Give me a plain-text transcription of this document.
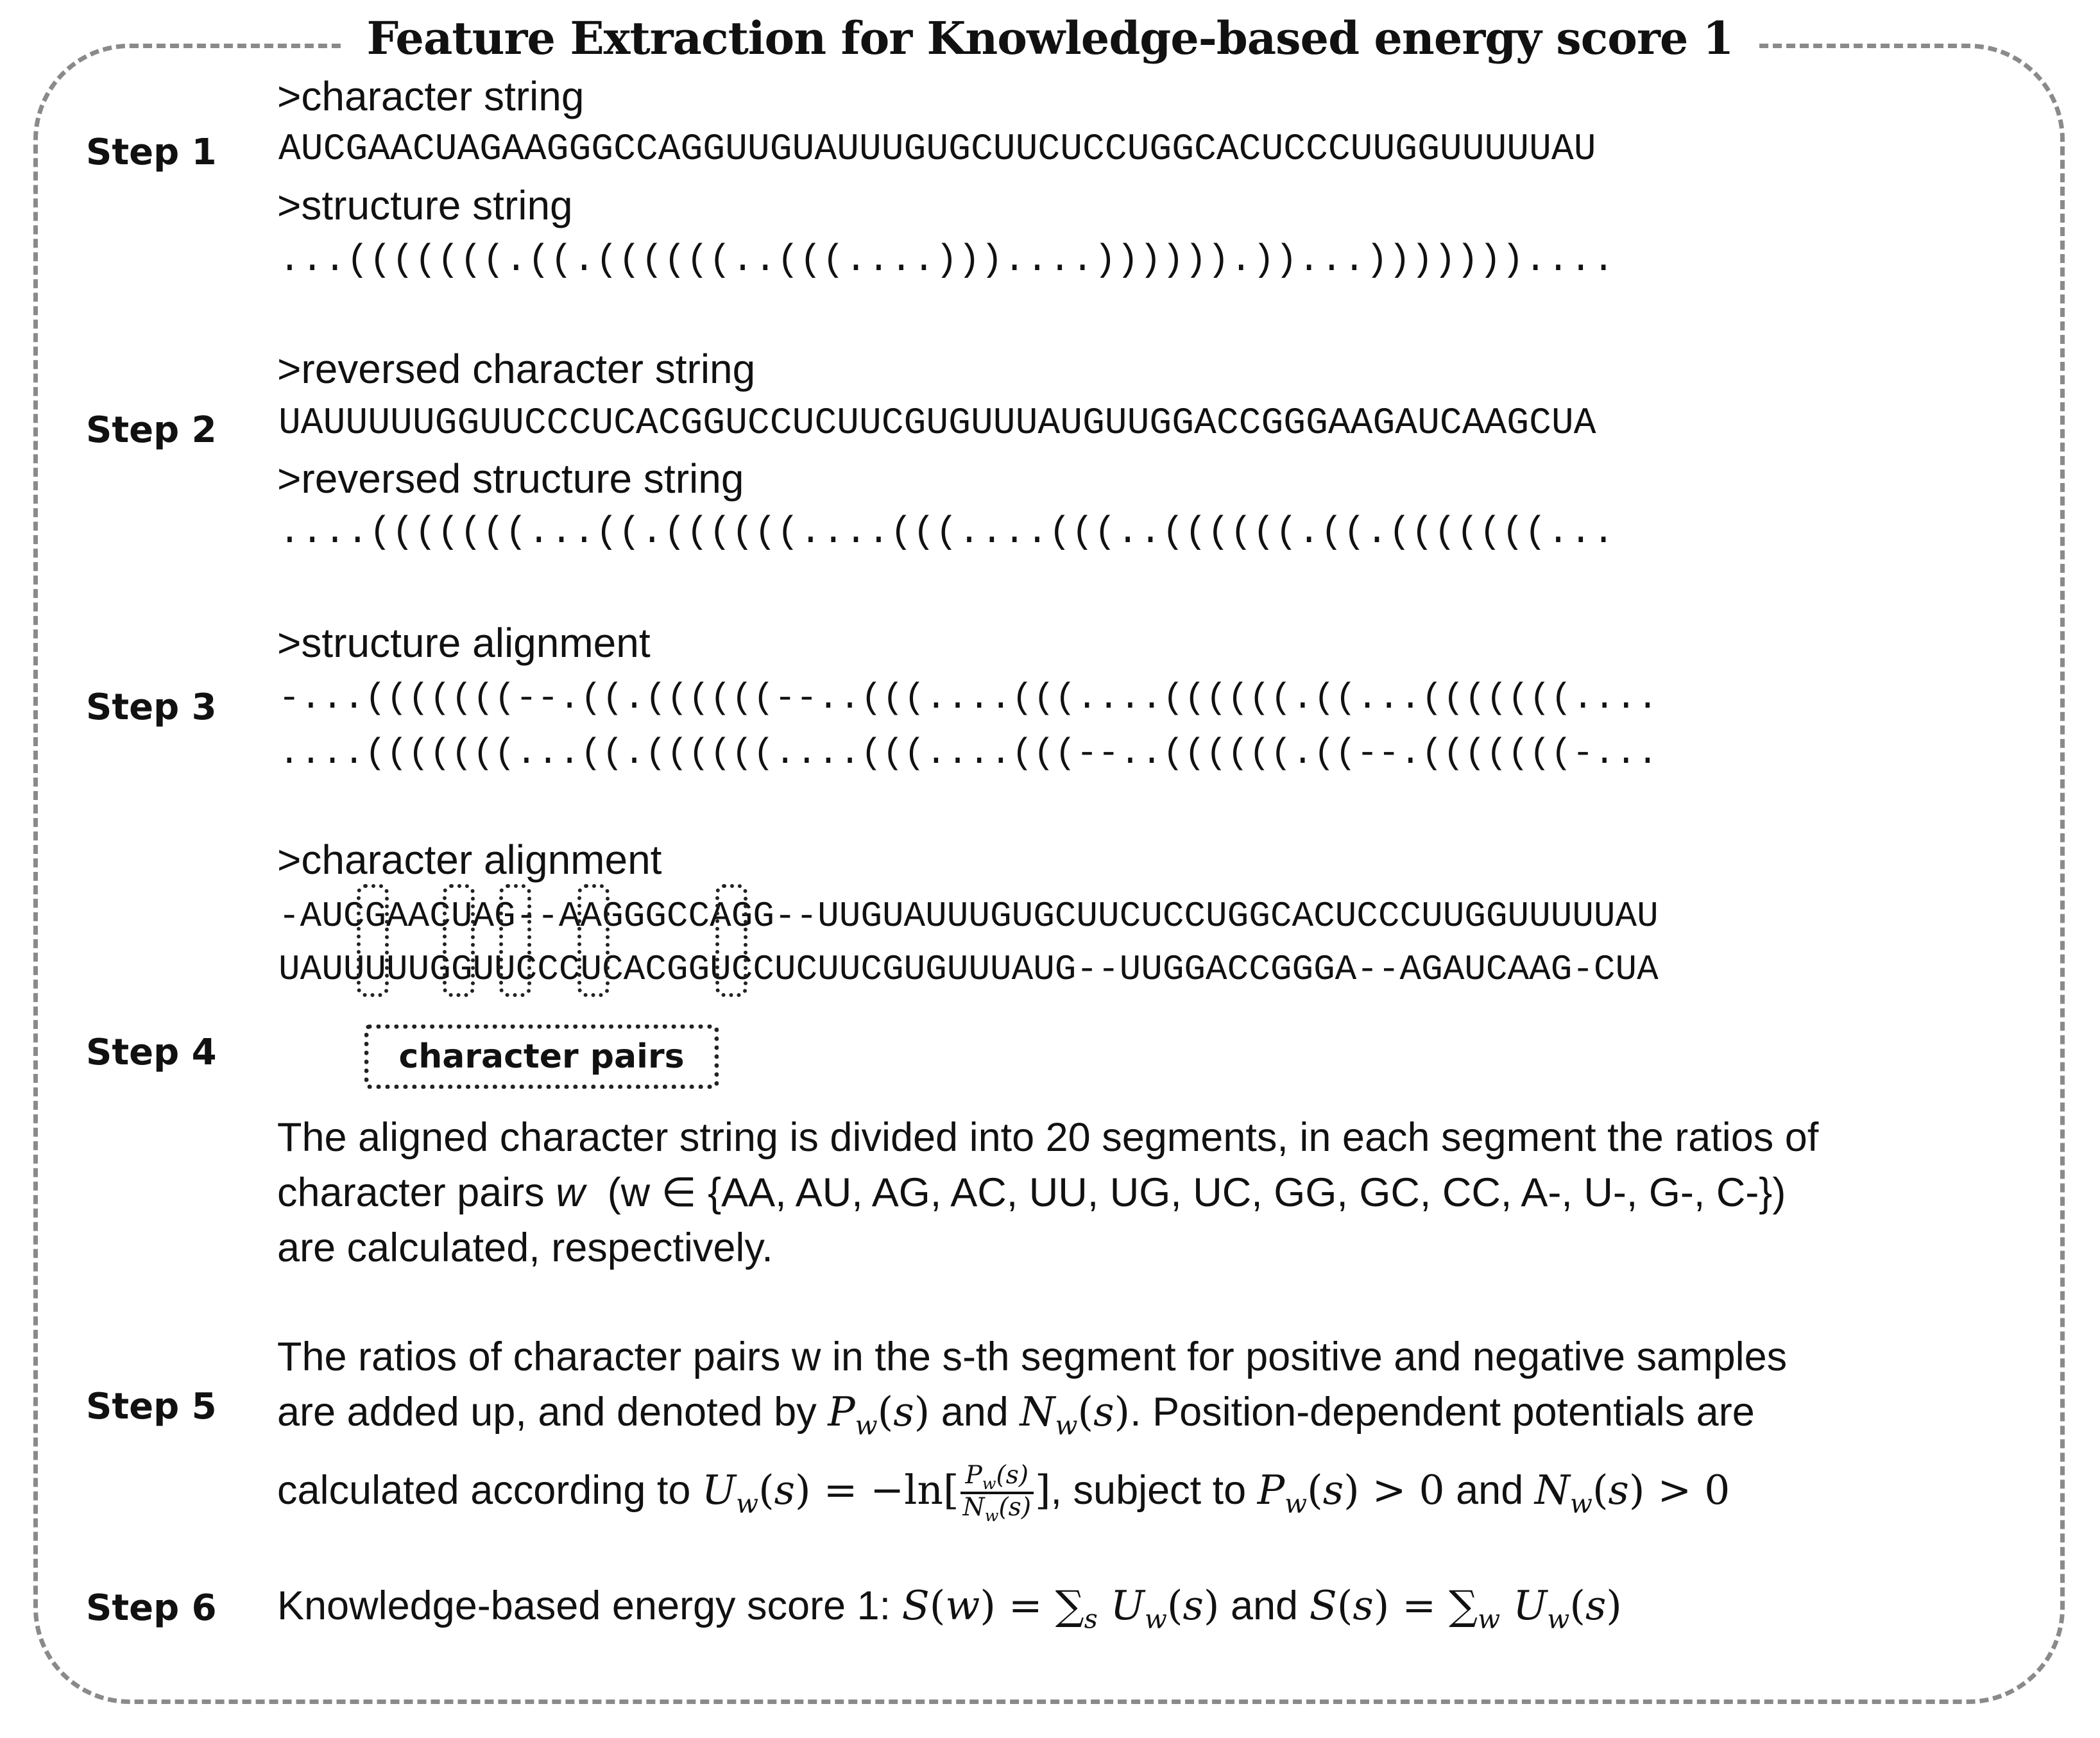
Feature Extraction for Knowledge-based energy score 1
Step 1
>character string
AUCGAACUAGAAGGGCCAGGUUGUAUUUGUGCUUCUCCUGGCACUCCCUUGGUUUUUAU
>structure string
...(((((((.((.((((((..(((....)))....)))))).))...)))))))....
Step 2
>reversed character string
UAUUUUUGGUUCCCUCACGGUCCUCUUCGUGUUUAUGUUGGACCGGGAAGAUCAAGCUA
>reversed structure string
....(((((((...((.((((((....(((....(((..((((((.((.(((((((...
Step 3
>structure alignment
-...(((((((--.((.((((((--..(((....(((....((((((.((...(((((((....
....(((((((...((.((((((....(((....(((--..((((((.((--.(((((((-...
>character alignment
-AUCGAACUAG--AAGGGCCAGG--UUGUAUUUGUGCUUCUCCUGGCACUCCCUUGGUUUUUAU
UAUUUUUGGUUCCCUCACGGUCCUCUUCGUGUUUAUG--UUGGACCGGGA--AGAUCAAG-CUA
character pairs
Step 4
The aligned character string is divided into 20 segments, in each segment the ratios of
character pairs w (w ∈ {AA, AU, AG, AC, UU, UG, UC, GG, GC, CC, A-, U-, G-, C-})
are calculated, respectively.
Step 5
The ratios of character pairs w in the s-th segment for positive and negative samples
are added up, and denoted by $P_w(s)$ and $N_w(s)$. Position-dependent potentials are
calculated according to $U_w(s) = -\ln[ \frac{P_w(s)}{N_w(s)}$ ], subject to $P_w(s) > 0$ and $N_w(s) > 0$
Step 6 Knowledge-based energy score 1: $S(w) = \sum_s$ $U_w(s)$ and $S(s) = \sum_w$ $U_w(s)$
